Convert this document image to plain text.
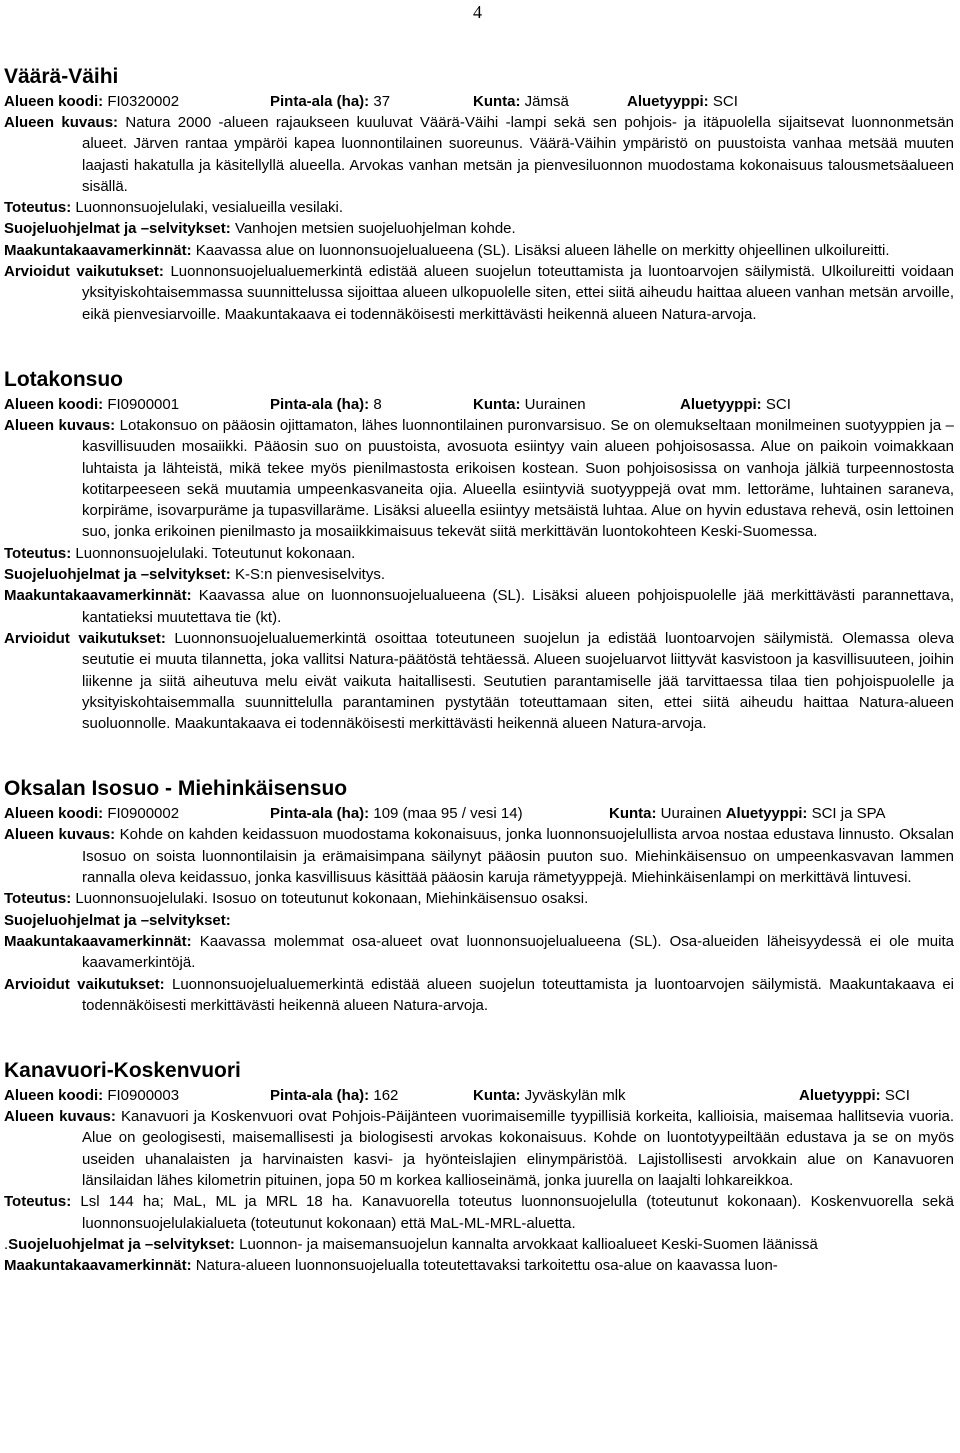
4
Väärä-Väihi
Alueen koodi: FI0320002	Pinta-ala (ha): 37	Kunta: Jämsä	Aluetyyppi: SCI

Alueen kuvaus: Natura 2000 -alueen rajaukseen kuuluvat Väärä-Väihi -lampi sekä sen pohjois- ja itäpuolella sijaitsevat luonnonmetsän alueet. Järven rantaa ympäröi kapea luonnontilainen suoreunus. Väärä-Väihin ympäristö on puustoista vanhaa metsää muuten laajasti hakatulla ja käsitellyllä alueella. Arvokas vanhan metsän ja pienvesiluonnon muodostama kokonaisuus talousmetsäalueen sisällä.

Toteutus: Luonnonsuojelulaki, vesialueilla vesilaki.

Suojeluohjelmat ja –selvitykset: Vanhojen metsien suojeluohjelman kohde.

Maakuntakaavamerkinnät: Kaavassa alue on luonnonsuojelualueena (SL). Lisäksi alueen lähelle on merkitty ohjeellinen ulkoilureitti.

Arvioidut vaikutukset: Luonnonsuojelualuemerkintä edistää alueen suojelun toteuttamista ja luontoarvojen säilymistä. Ulkoilureitti voidaan yksityiskohtaisemmassa suunnittelussa sijoittaa alueen ulkopuolelle siten, ettei siitä aiheudu haittaa alueen vanhan metsän arvoille, eikä pienvesiarvoille. Maakuntakaava ei todennäköisesti merkittävästi heikennä alueen Natura-arvoja.

Lotakonsuo
Alueen koodi: FI0900001	Pinta-ala (ha): 8	Kunta: Uurainen	Aluetyyppi: SCI

Alueen kuvaus: Lotakonsuo on pääosin ojittamaton, lähes luonnontilainen puronvarsisuo. Se on olemukseltaan monilmeinen suotyyppien ja –kasvillisuuden mosaiikki. Pääosin suo on puustoista, avosuota esiintyy vain alueen pohjoisosassa. Alue on paikoin voimakkaan luhtaista ja lähteistä, mikä tekee myös pienilmastosta erikoisen kostean. Suon pohjoisosissa on vanhoja jälkiä turpeennostosta kotitarpeeseen sekä muutamia umpeenkasvaneita ojia. Alueella esiintyviä suotyyppejä ovat mm. lettoräme, luhtainen saraneva, korpiräme, isovarpuräme ja tupasvillaräme. Lisäksi alueella esiintyy metsäistä luhtaa. Alue on hyvin edustava rehevä, osin lettoinen suo, jonka erikoinen pienilmasto ja mosaiikkimaisuus tekevät siitä merkittävän luontokohteen Keski-Suomessa.

Toteutus: Luonnonsuojelulaki. Toteutunut kokonaan.

Suojeluohjelmat ja –selvitykset: K-S:n pienvesiselvitys.

Maakuntakaavamerkinnät: Kaavassa alue on luonnonsuojelualueena (SL). Lisäksi alueen pohjoispuolelle jää merkittävästi parannettava, kantatieksi muutettava tie (kt).

Arvioidut vaikutukset: Luonnonsuojelualuemerkintä osoittaa toteutuneen suojelun ja edistää luontoarvojen säilymistä. Olemassa oleva seututie ei muuta tilannetta, joka vallitsi Natura-päätöstä tehtäessä. Alueen suojeluarvot liittyvät kasvistoon ja kasvillisuuteen, joihin liikenne ja siitä aiheutuva melu eivät vaikuta haitallisesti. Seututien parantamiselle jää tarvittaessa tilaa tien pohjoispuolelle ja yksityiskohtaisemmalla suunnittelulla parantaminen pystytään toteuttamaan siten, ettei siitä aiheudu haittaa Natura-alueen suoluonnolle. Maakuntakaava ei todennäköisesti merkittävästi heikennä alueen Natura-arvoja.

Oksalan Isosuo - Miehinkäisensuo
Alueen koodi: FI0900002	Pinta-ala (ha): 109 (maa 95 / vesi 14)	Kunta: Uurainen Aluetyyppi: SCI ja SPA

Alueen kuvaus: Kohde on kahden keidassuon muodostama kokonaisuus, jonka luonnonsuojelullista arvoa nostaa edustava linnusto. Oksalan Isosuo on soista luonnontilaisin ja erämaisimpana säilynyt pääosin puuton suo. Miehinkäisensuo on umpeenkasvavan lammen rannalla oleva keidassuo, jonka kasvillisuus käsittää pääosin karuja rämetyyppejä. Miehinkäisenlampi on merkittävä lintuvesi.

Toteutus: Luonnonsuojelulaki. Isosuo on toteutunut kokonaan, Miehinkäisensuo osaksi.

Suojeluohjelmat ja –selvitykset:

Maakuntakaavamerkinnät: Kaavassa molemmat osa-alueet ovat luonnonsuojelualueena (SL). Osa-alueiden läheisyydessä ei ole muita kaavamerkintöjä.

Arvioidut vaikutukset: Luonnonsuojelualuemerkintä edistää alueen suojelun toteuttamista ja luontoarvojen säilymistä. Maakuntakaava ei todennäköisesti merkittävästi heikennä alueen Natura-arvoja.

Kanavuori-Koskenvuori
Alueen koodi: FI0900003	Pinta-ala (ha): 162	Kunta: Jyväskylän mlk	Aluetyyppi: SCI

Alueen kuvaus: Kanavuori ja Koskenvuori ovat Pohjois-Päijänteen vuorimaisemille tyypillisiä korkeita, kallioisia, maisemaa hallitsevia vuoria. Alue on geologisesti, maisemallisesti ja biologisesti arvokas kokonaisuus. Kohde on luontotyypeiltään edustava ja se on myös useiden uhanalaisten ja harvinaisten kasvi- ja hyönteislajien elinympäristöä. Lajistollisesti arvokkain alue on Kanavuoren länsilaidan lähes kilometrin pituinen, jopa 50 m korkea kallioseinämä, jonka juurella on laajalti lohkareikkoa.

Toteutus: Lsl 144 ha; MaL, ML ja MRL 18 ha. Kanavuorella toteutus luonnonsuojelulla (toteutunut kokonaan). Koskenvuorella sekä luonnonsuojelulakialueta (toteutunut kokonaan) että MaL-ML-MRL-aluetta.

.Suojeluohjelmat ja –selvitykset: Luonnon- ja maisemansuojelun kannalta arvokkaat kallioalueet Keski-Suomen läänissä

Maakuntakaavamerkinnät: Natura-alueen luonnonsuojelualla toteutettavaksi tarkoitettu osa-alue on kaavassa luon-
